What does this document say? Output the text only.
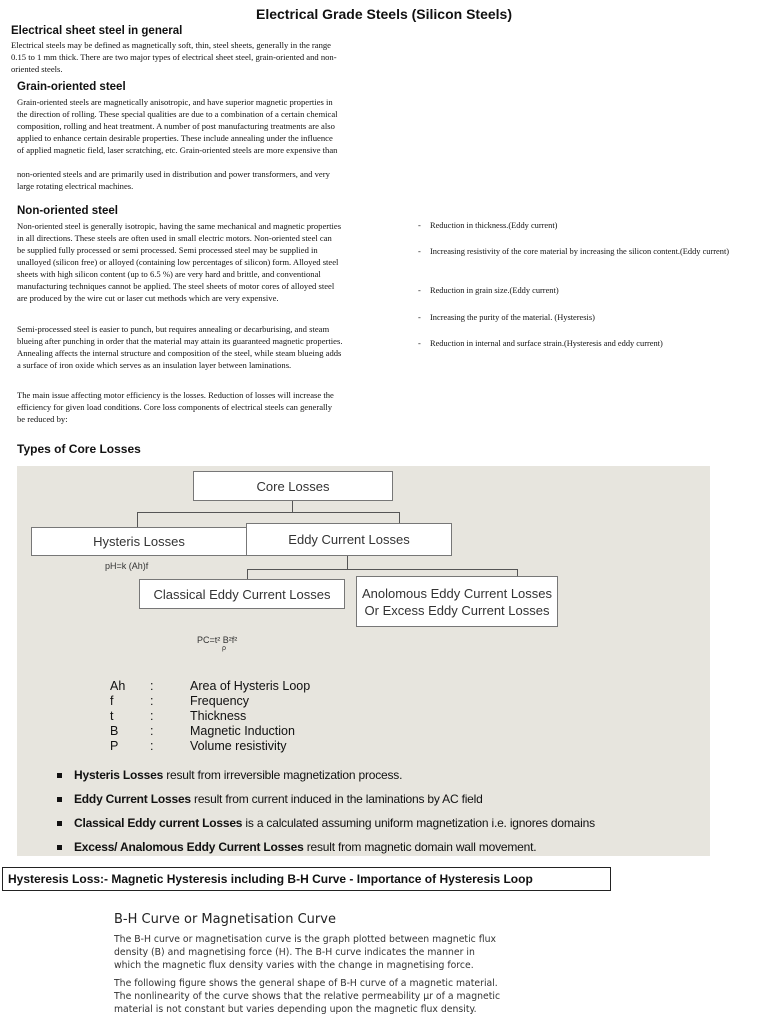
Electrical Grade Steels (Silicon Steels)
Electrical sheet steel in general

Electrical steels may be defined as magnetically soft, thin, steel sheets, generally in the range

0.15 to 1 mm thick. There are two major types of electrical sheet steel, grain-oriented and non-

oriented steels.

Grain-oriented steel

Grain-oriented steels are magnetically anisotropic, and have superior magnetic properties in

the direction of rolling. These special qualities are due to a combination of a certain chemical

composition, rolling and heat treatment. A number of post manufacturing treatments are also

applied to enhance certain desirable properties. These include annealing under the influence

of applied magnetic field, laser scratching, etc. Grain-oriented steels are more expensive than

non-oriented steels and are primarily used in distribution and power transformers, and very

large rotating electrical machines.

Non-oriented steel

Non-oriented steel is generally isotropic, having the same mechanical and magnetic properties

in all directions. These steels are often used in small electric motors. Non-oriented steel can

be supplied fully processed or semi processed. Semi processed steel may be supplied in

unalloyed (silicon free) or alloyed (containing low percentages of silicon) form. Alloyed steel

sheets with high silicon content (up to 6.5 %) are very hard and brittle, and conventional

manufacturing techniques cannot be applied. The steel sheets of motor cores of alloyed steel

are produced by the wire cut or laser cut methods which are very expensive.

Semi-processed steel is easier to punch, but requires annealing or decarburising, and steam

blueing after punching in order that the material may attain its guaranteed magnetic properties.

Annealing affects the internal structure and composition of the steel, while steam blueing adds

a surface of iron oxide which serves as an insulation layer between laminations.

The main issue affecting motor efficiency is the losses. Reduction of losses will increase the

efficiency for given load conditions. Core loss components of electrical steels can generally

be reduced by:

- Reduction in thickness.(Eddy current)
- Increasing resistivity of the core material by increasing the silicon content.(Eddy current)
- Reduction in grain size.(Eddy current)
- Increasing the purity of the material. (Hysteresis)
- Reduction in internal and surface strain.(Hysteresis and eddy current)
Types of Core Losses
Core Losses
Hysteris Losses	Eddy Current Losses
Classical Eddy Current Losses	Anolomous Eddy Current Losses
Or Excess Eddy Current Losses
pH=k (Ah)f
PC=t² B²f²
ρ
Ah :	Area of Hysteris Loop
f	:	Frequency
t	:	Thickness
B	:	Magnetic Induction
P	:	Volume resistivity
Hysteris Losses result from irreversible magnetization process.
Eddy Current Losses result from current induced in the laminations by AC field
Classical Eddy current Losses is a calculated assuming uniform magnetization i.e. ignores domains
Excess/ Analomous Eddy Current Losses result from magnetic domain wall movement.
Hysteresis Loss:- Magnetic Hysteresis including B-H Curve - Importance of Hysteresis Loop
B-H Curve or Magnetisation Curve

The B-H curve or magnetisation curve is the graph plotted between magnetic flux

density (B) and magnetising force (H). The B-H curve indicates the manner in

which the magnetic flux density varies with the change in magnetising force.

The following figure shows the general shape of B-H curve of a magnetic material.

The nonlinearity of the curve shows that the relative permeability μr of a magnetic

material is not constant but varies depending upon the magnetic flux density.
